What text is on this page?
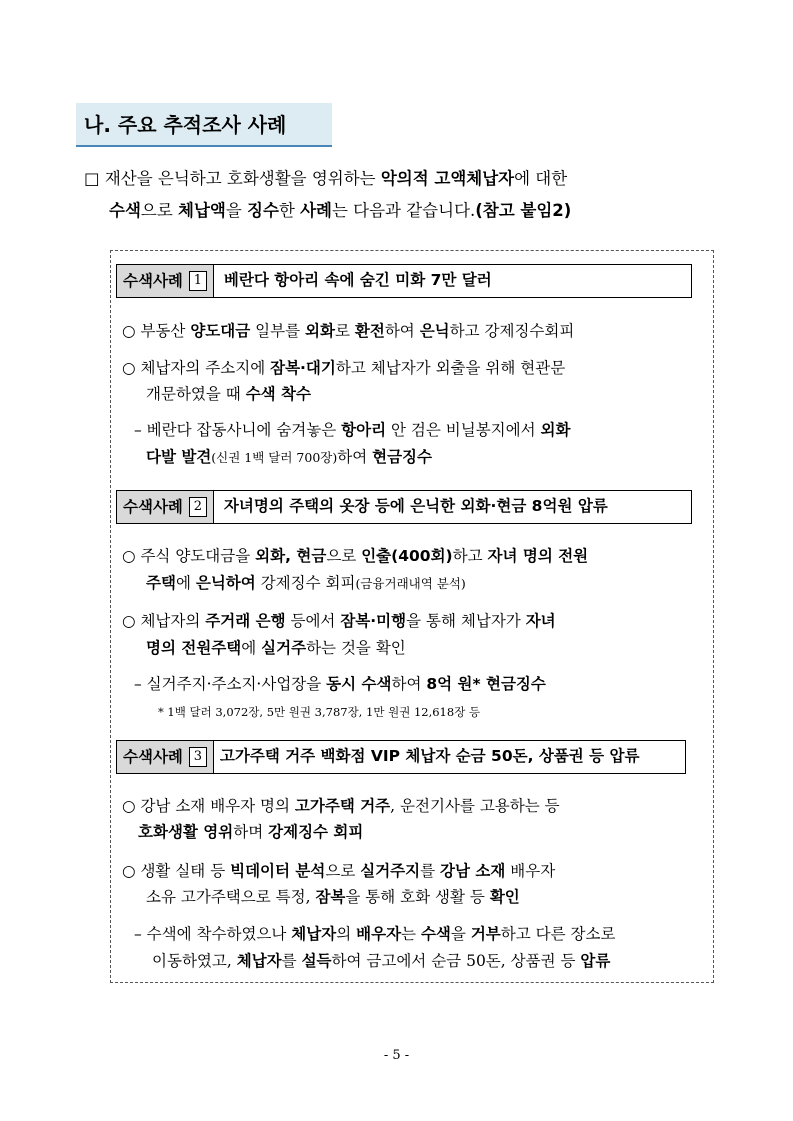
나. 주요 추적조사 사례
□ 재산을 은닉하고 호화생활을 영위하는 악의적 고액체납자에 대한
수색으로 체납액을 징수한 사례는 다음과 같습니다.(참고 붙임2)
수색사례 1	베란다 항아리 속에 숨긴 미화 7만 달러
○ 부동산 양도대금 일부를 외화로 환전하여 은닉하고 강제징수회피
○ 체납자의 주소지에 잠복·대기하고 체납자가 외출을 위해 현관문
개문하였을 때 수색 착수
– 베란다 잡동사니에 숨겨놓은 항아리 안 검은 비닐봉지에서 외화
다발 발견(신권 1백 달러 700장)하여 현금징수
수색사례 2	자녀명의 주택의 옷장 등에 은닉한 외화·현금 8억원 압류
○ 주식 양도대금을 외화, 현금으로 인출(400회)하고 자녀 명의 전원
주택에 은닉하여 강제징수 회피(금융거래내역 분석)
○ 체납자의 주거래 은행 등에서 잠복·미행을 통해 체납자가 자녀
명의 전원주택에 실거주하는 것을 확인
– 실거주지·주소지·사업장을 동시 수색하여 8억 원* 현금징수
* 1백 달러 3,072장, 5만 원권 3,787장, 1만 원권 12,618장 등
수색사례 3	고가주택 거주 백화점 VIP 체납자 순금 50돈, 상품권 등 압류
○ 강남 소재 배우자 명의 고가주택 거주, 운전기사를 고용하는 등
호화생활 영위하며 강제징수 회피
○ 생활 실태 등 빅데이터 분석으로 실거주지를 강남 소재 배우자
소유 고가주택으로 특정, 잠복을 통해 호화 생활 등 확인
– 수색에 착수하였으나 체납자의 배우자는 수색을 거부하고 다른 장소로
이동하였고, 체납자를 설득하여 금고에서 순금 50돈, 상품권 등 압류
- 5 -
